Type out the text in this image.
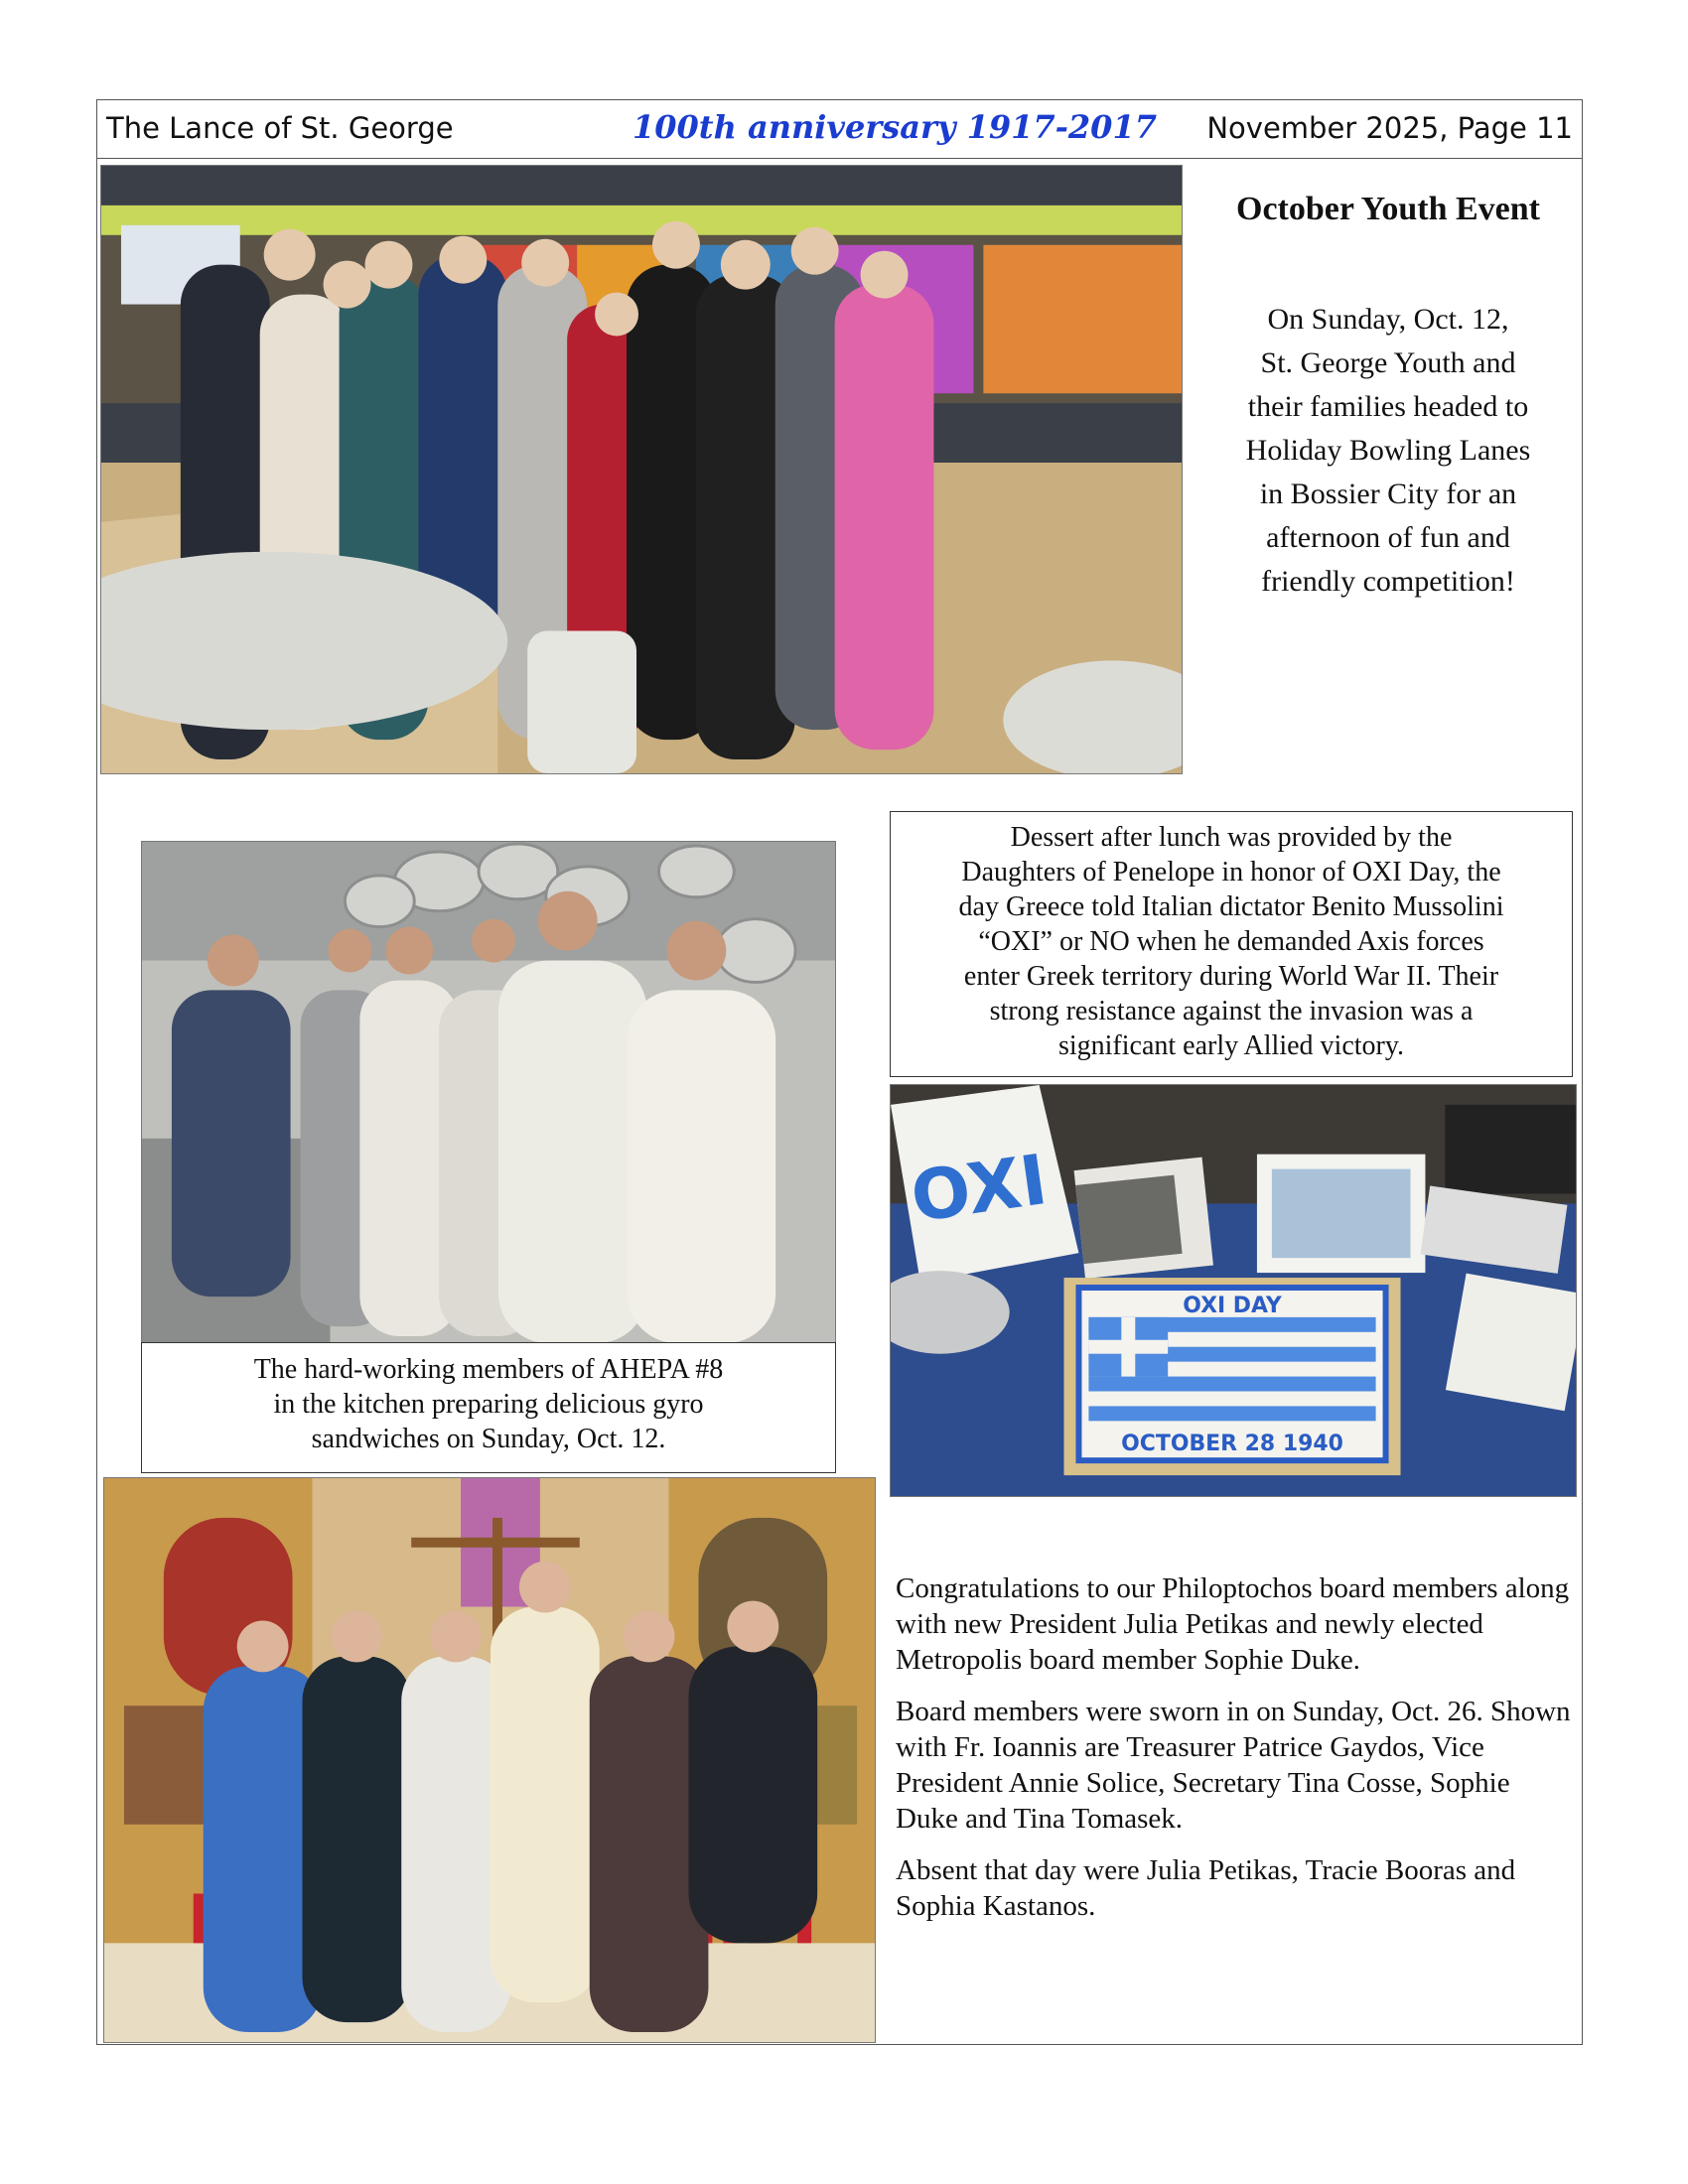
The Lance of St. George	100th anniversary 1917-2017 November 2025, Page 11
October Youth Event
On Sunday, Oct. 12,
St. George Youth and
their families headed to
Holiday Bowling Lanes
in Bossier City for an
afternoon of fun and
friendly competition!
The hard-working members of AHEPA #8
in the kitchen preparing delicious gyro
sandwiches on Sunday, Oct. 12.
Dessert after lunch was provided by the
Daughters of Penelope in honor of OXI Day, the
day Greece told Italian dictator Benito Mussolini
“OXI” or NO when he demanded Axis forces
enter Greek territory during World War II. Their
strong resistance against the invasion was a
significant early Allied victory.
OXI
OXI DAY
OCTOBER 28 1940

Congratulations to our Philoptochos board members along with new President Julia Petikas and newly elected Metropolis board member Sophie Duke.

Board members were sworn in on Sunday, Oct. 26. Shown with Fr. Ioannis are Treasurer Patrice Gaydos, Vice President Annie Solice, Secretary Tina Cosse, Sophie Duke and Tina Tomasek.

Absent that day were Julia Petikas, Tracie Booras and Sophia Kastanos.
